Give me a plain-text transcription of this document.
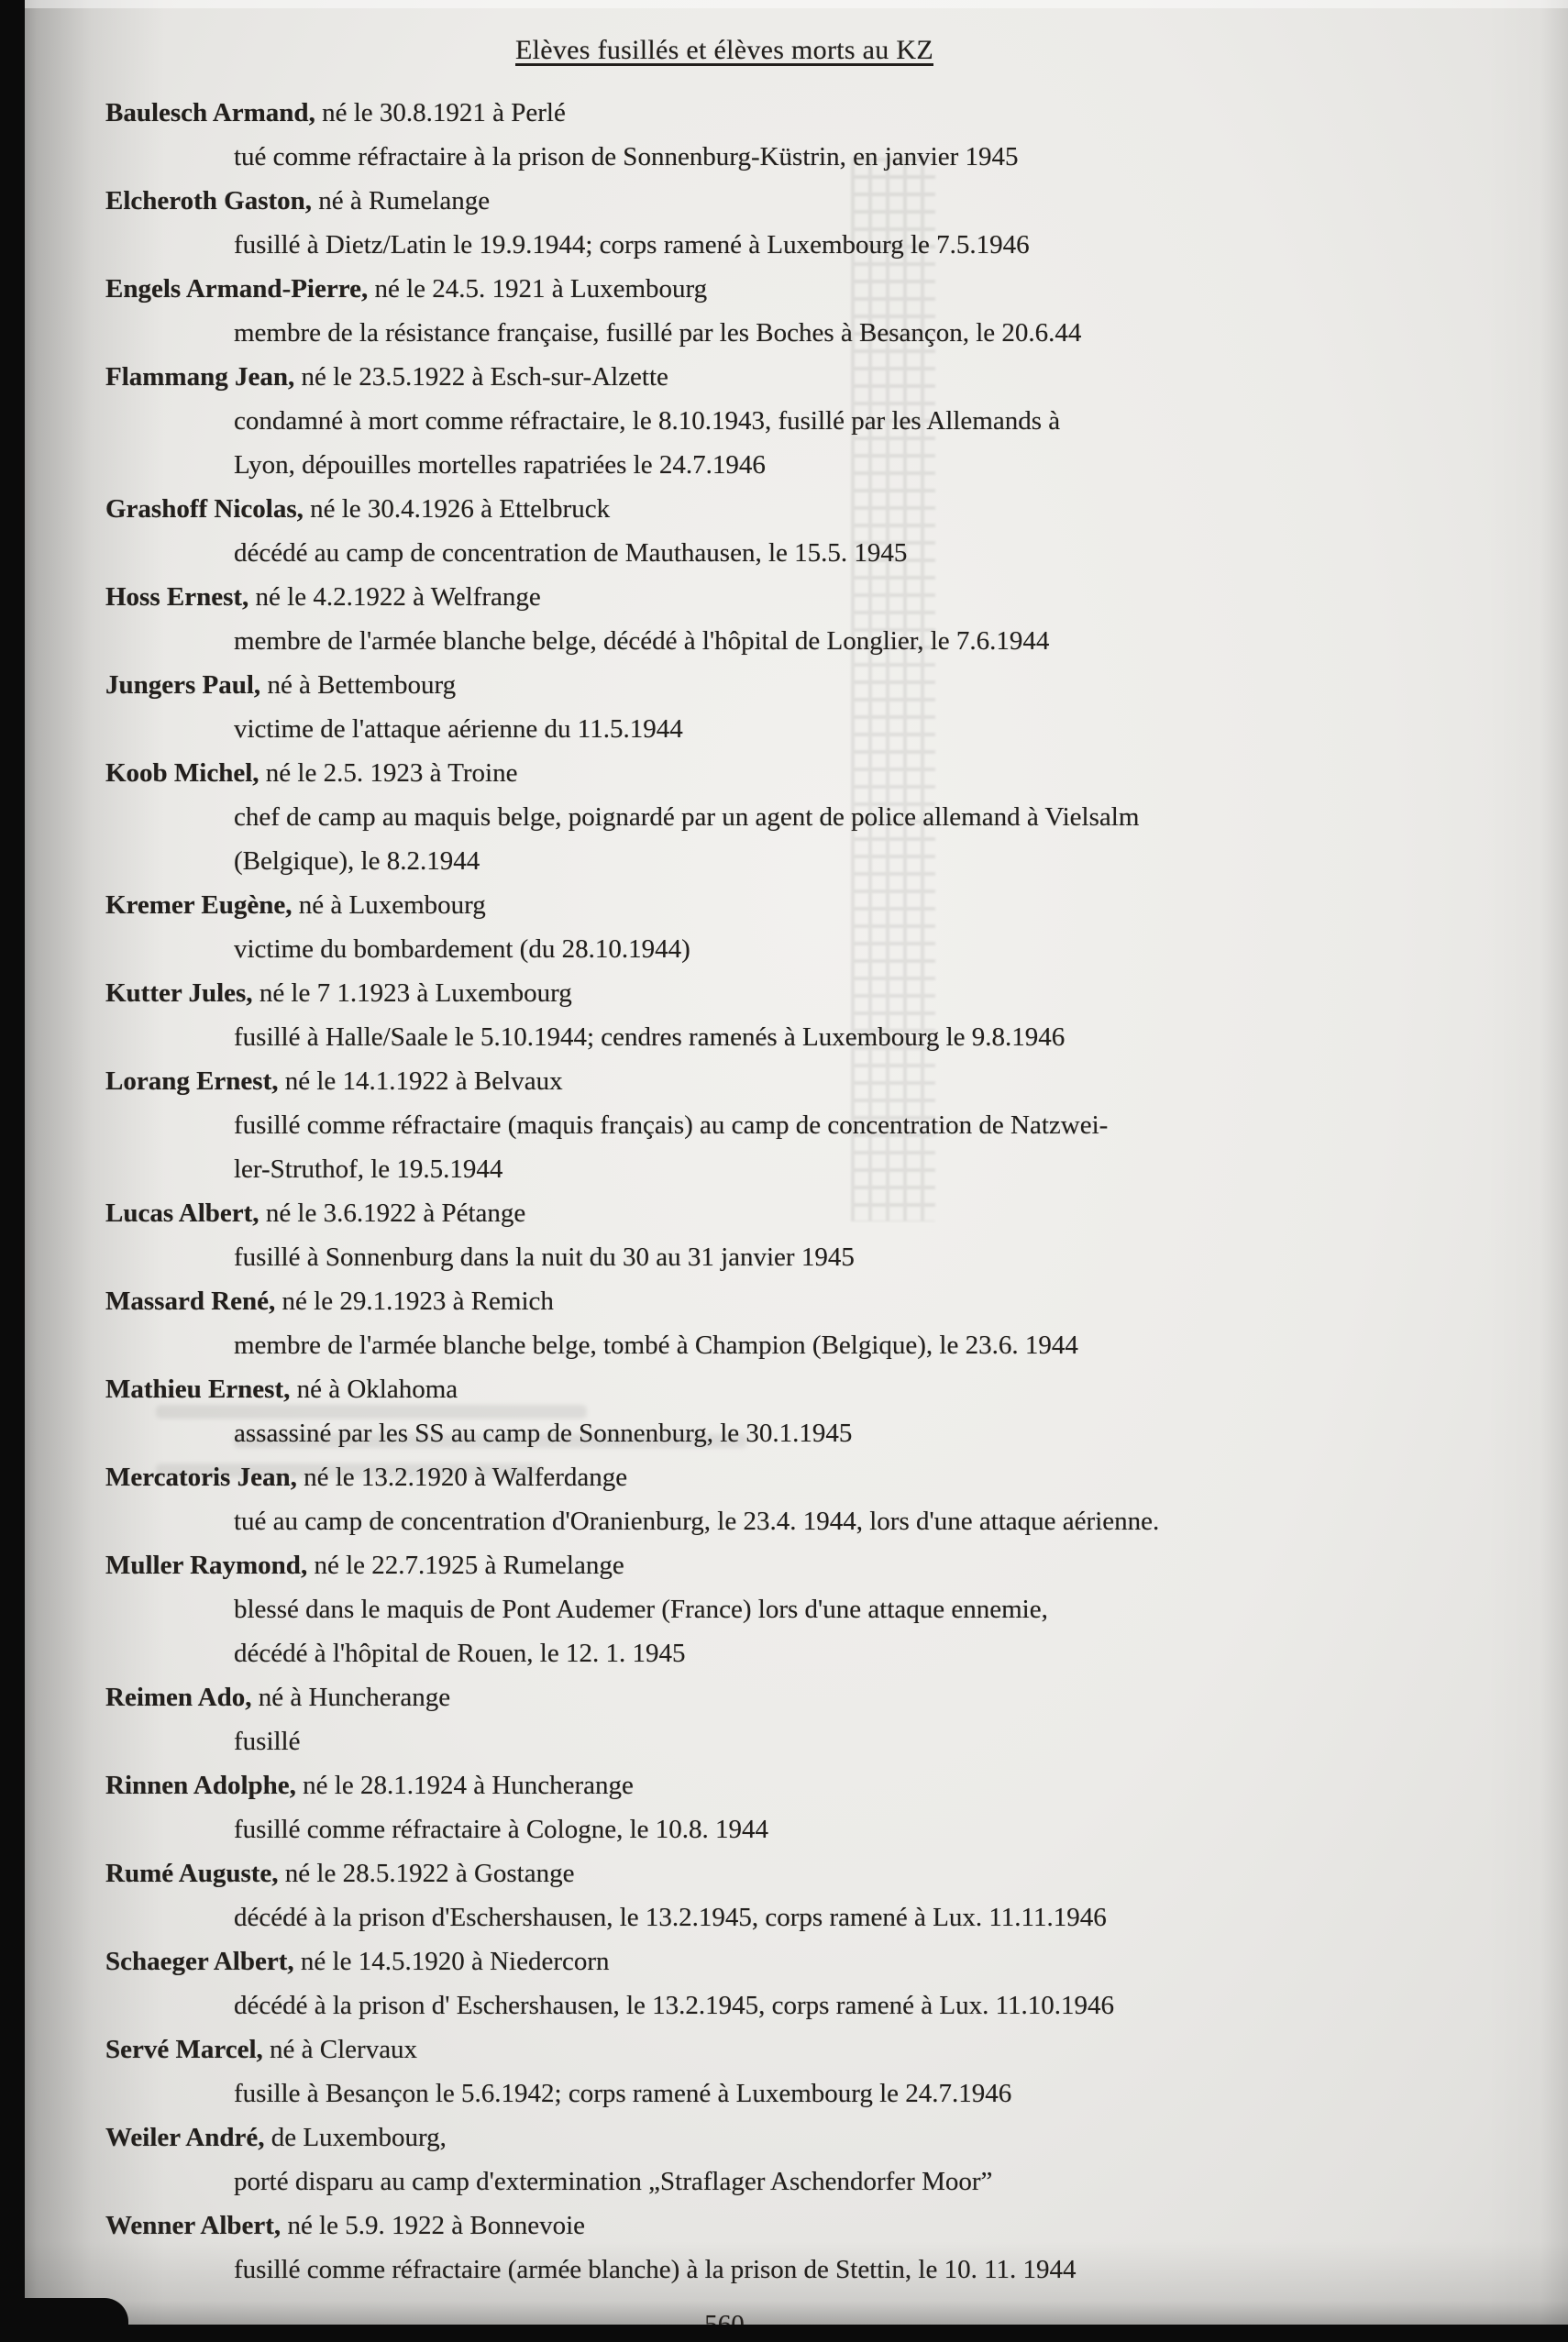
Elèves fusillés et élèves morts au KZ
Baulesch Armand, né le 30.8.1921 à Perlé
tué comme réfractaire à la prison de Sonnenburg-Küstrin, en janvier 1945
Elcheroth Gaston, né à Rumelange
fusillé à Dietz/Latin le 19.9.1944; corps ramené à Luxembourg le 7.5.1946
Engels Armand-Pierre, né le 24.5. 1921 à Luxembourg
membre de la résistance française, fusillé par les Boches à Besançon, le 20.6.44
Flammang Jean, né le 23.5.1922 à Esch-sur-Alzette
condamné à mort comme réfractaire, le 8.10.1943, fusillé par les Allemands à
Lyon, dépouilles mortelles rapatriées le 24.7.1946
Grashoff Nicolas, né le 30.4.1926 à Ettelbruck
décédé au camp de concentration de Mauthausen, le 15.5. 1945
Hoss Ernest, né le 4.2.1922 à Welfrange
membre de l'armée blanche belge, décédé à l'hôpital de Longlier, le 7.6.1944
Jungers Paul, né à Bettembourg
victime de l'attaque aérienne du 11.5.1944
Koob Michel, né le 2.5. 1923 à Troine
chef de camp au maquis belge, poignardé par un agent de police allemand à Vielsalm
(Belgique), le 8.2.1944
Kremer Eugène, né à Luxembourg
victime du bombardement (du 28.10.1944)
Kutter Jules, né le 7 1.1923 à Luxembourg
fusillé à Halle/Saale le 5.10.1944; cendres ramenés à Luxembourg le 9.8.1946
Lorang Ernest, né le 14.1.1922 à Belvaux
fusillé comme réfractaire (maquis français) au camp de concentration de Natzwei-
ler-Struthof, le 19.5.1944
Lucas Albert, né le 3.6.1922 à Pétange
fusillé à Sonnenburg dans la nuit du 30 au 31 janvier 1945
Massard René, né le 29.1.1923 à Remich
membre de l'armée blanche belge, tombé à Champion (Belgique), le 23.6. 1944
Mathieu Ernest, né à Oklahoma
assassiné par les SS au camp de Sonnenburg, le 30.1.1945
Mercatoris Jean, né le 13.2.1920 à Walferdange
tué au camp de concentration d'Oranienburg, le 23.4. 1944, lors d'une attaque aérienne.
Muller Raymond, né le 22.7.1925 à Rumelange
blessé dans le maquis de Pont Audemer (France) lors d'une attaque ennemie,
décédé à l'hôpital de Rouen, le 12. 1. 1945
Reimen Ado, né à Huncherange
fusillé
Rinnen Adolphe, né le 28.1.1924 à Huncherange
fusillé comme réfractaire à Cologne, le 10.8. 1944
Rumé Auguste, né le 28.5.1922 à Gostange
décédé à la prison d'Eschershausen, le 13.2.1945, corps ramené à Lux. 11.11.1946
Schaeger Albert, né le 14.5.1920 à Niedercorn
décédé à la prison d' Eschershausen, le 13.2.1945, corps ramené à Lux. 11.10.1946
Servé Marcel, né à Clervaux
fusille à Besançon le 5.6.1942; corps ramené à Luxembourg le 24.7.1946
Weiler André, de Luxembourg,
porté disparu au camp d'extermination „Straflager Aschendorfer Moor”
Wenner Albert, né le 5.9. 1922 à Bonnevoie
fusillé comme réfractaire (armée blanche) à la prison de Stettin, le 10. 11. 1944
